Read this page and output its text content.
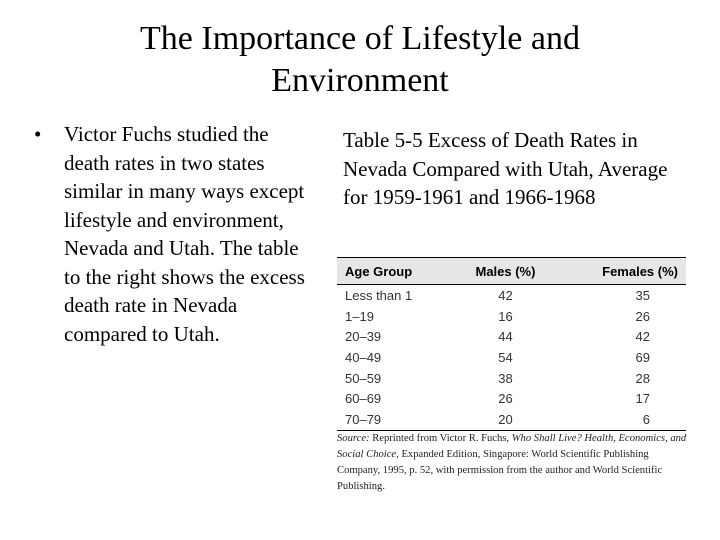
The Importance of Lifestyle and Environment
• Victor Fuchs studied the death rates in two states similar in many ways except lifestyle and environment, Nevada and Utah. The table to the right shows the excess death rate in Nevada compared to Utah.
Table 5-5 Excess of Death Rates in Nevada Compared with Utah, Average for 1959-1961 and 1966-1968
Age Group	Males (%)	Females (%)
Less than 1	42	35
1–19	16	26
20–39	44	42
40–49	54	69
50–59	38	28
60–69	26	17
70–79	20	6
Source: Reprinted from Victor R. Fuchs, Who Shall Live? Health, Economics, and Social Choice, Expanded Edition, Singapore: World Scientific Publishing Company, 1995, p. 52, with permission from the author and World Scientific Publishing.
